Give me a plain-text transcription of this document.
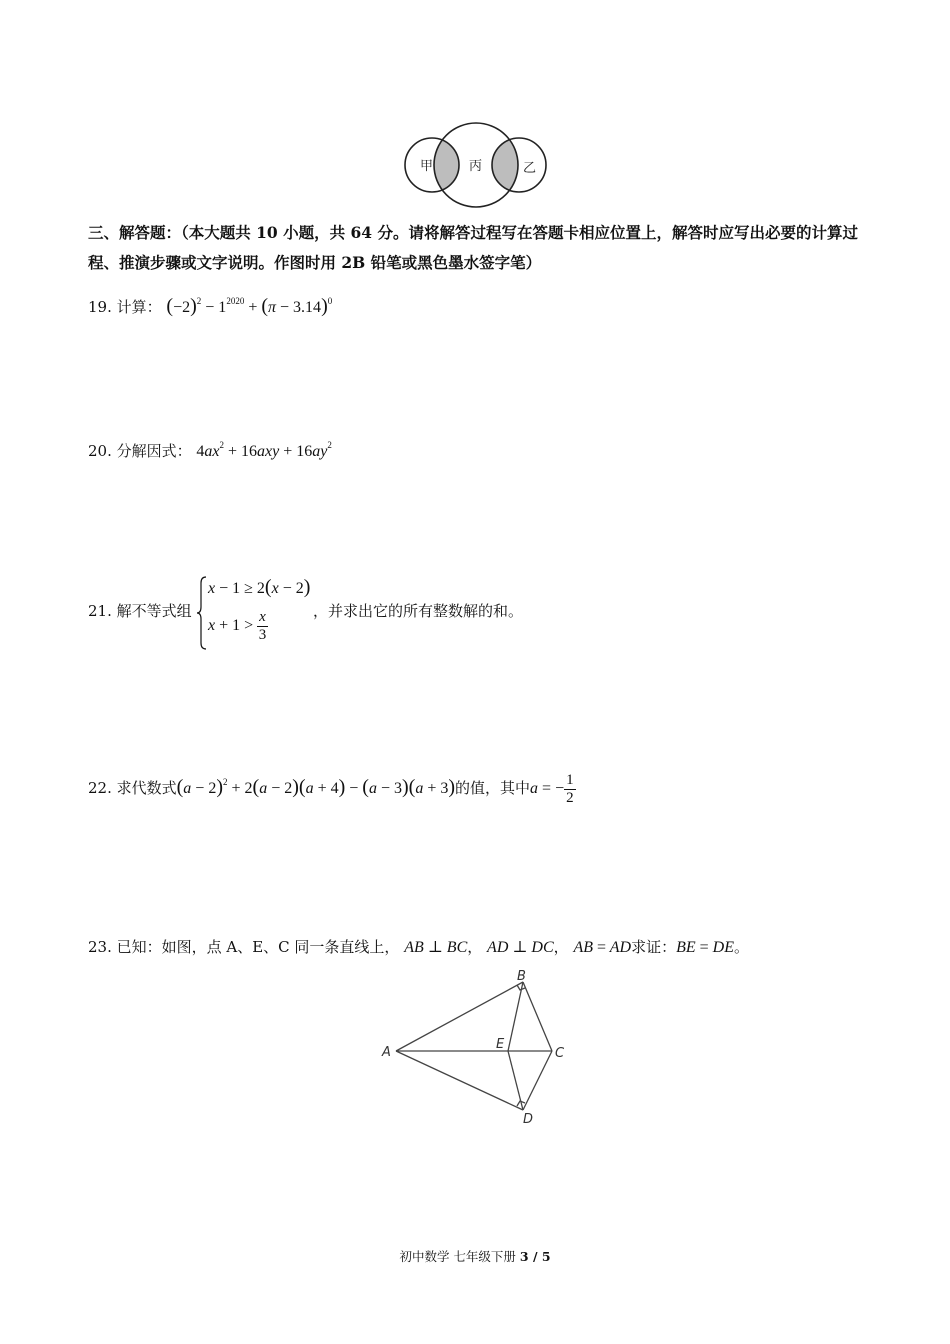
甲	丙	乙
三、解答题：（本大题共 10 小题，共 64 分。请将解答过程写在答题卡相应位置上，解答时应写出必要的计算过程、推演步骤或文字说明。作图时用 2B 铅笔或黑色墨水签字笔）
19. 计算： $(-2)^2 - 1^{2020} + (\pi - 3.14)^0$
20. 分解因式： $4ax^2 + 16axy + 16ay^2$
21. 解不等式组
x − 1 ≥ 2(x − 2)
$x + 1 > \frac{x}{3}$	，并求出它的所有整数解的和。
22. 求代数式$(a - 2)^2 + 2(a - 2)(a + 4) - (a - 3)(a + 3)$的值，其中a = − $\frac{1}{2}$
23. 已知：如图，点 A、E、C 同一条直线上， AB ⊥ BC， AD ⊥ DC， AB = AD求证：BE = DE。
A
B
C
D
E
初中数学 七年级下册 3 / 5
